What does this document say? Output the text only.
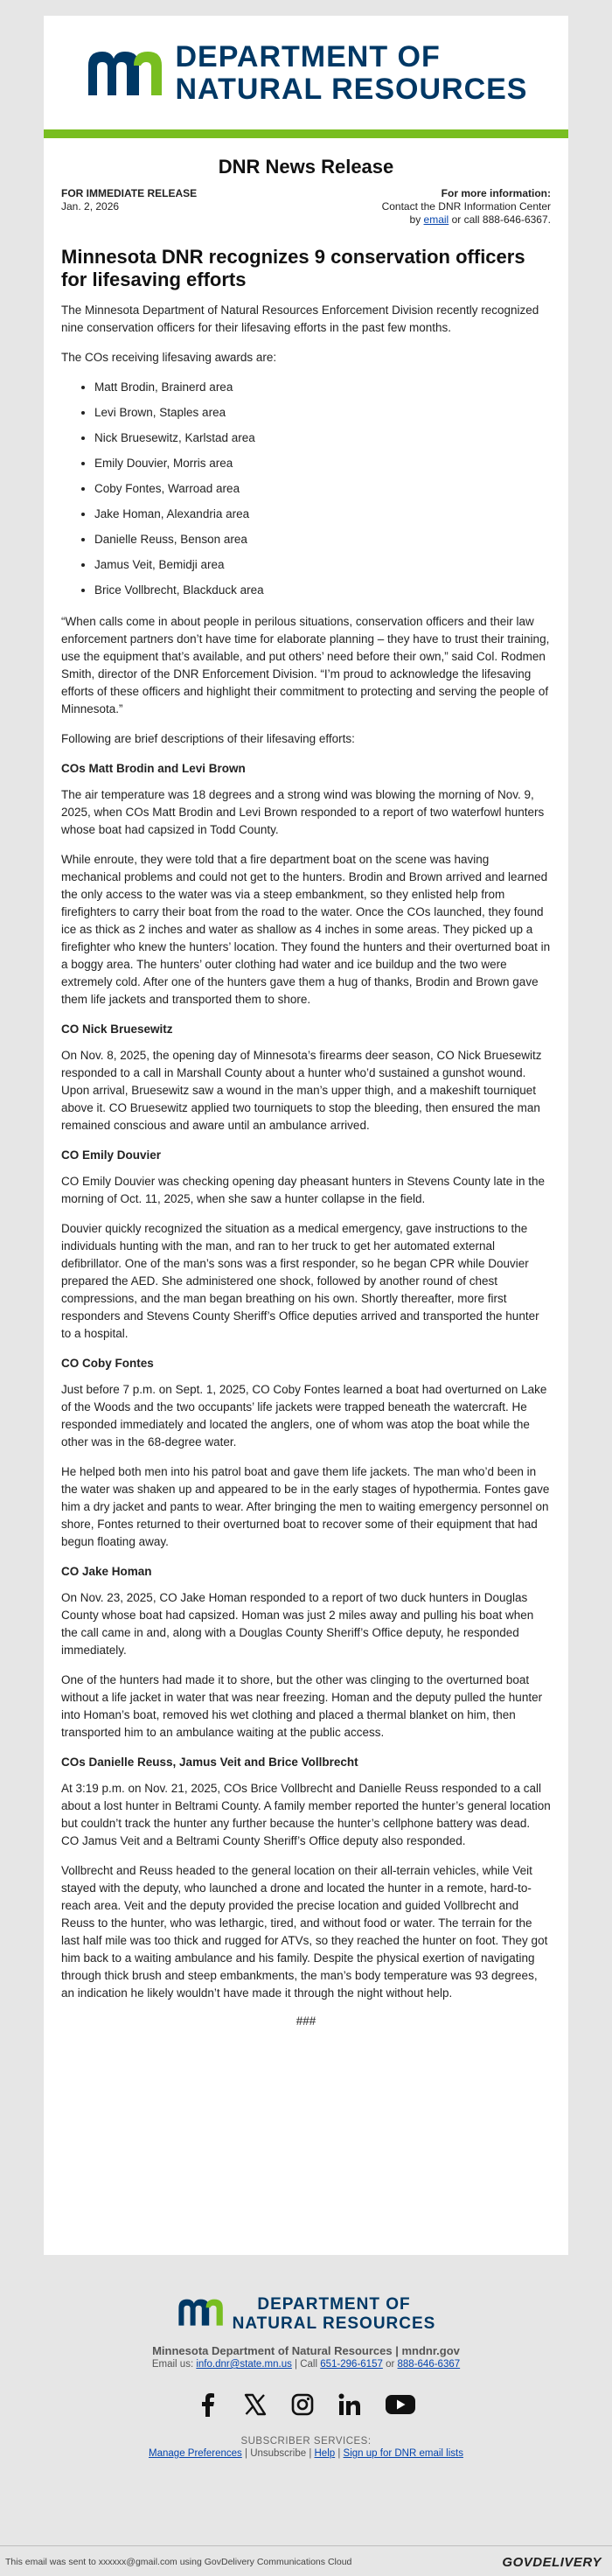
DEPARTMENT OF
NATURAL RESOURCES
DNR News Release
FOR IMMEDIATE RELEASE
Jan. 2, 2026
For more information:
Contact the DNR Information Center
by email or call 888-646-6367.
Minnesota DNR recognizes 9 conservation officers for lifesaving efforts

The Minnesota Department of Natural Resources Enforcement Division recently recognized nine conservation officers for their lifesaving efforts in the past few months.

The COs receiving lifesaving awards are:

• Matt Brodin, Brainerd area
• Levi Brown, Staples area
• Nick Bruesewitz, Karlstad area
• Emily Douvier, Morris area
• Coby Fontes, Warroad area
• Jake Homan, Alexandria area
• Danielle Reuss, Benson area
• Jamus Veit, Bemidji area
• Brice Vollbrecht, Blackduck area

“When calls come in about people in perilous situations, conservation officers and their law enforcement partners don’t have time for elaborate planning – they have to trust their training, use the equipment that’s available, and put others’ need before their own,” said Col. Rodmen Smith, director of the DNR Enforcement Division. “I’m proud to acknowledge the lifesaving efforts of these officers and highlight their commitment to protecting and serving the people of Minnesota.”

Following are brief descriptions of their lifesaving efforts:

COs Matt Brodin and Levi Brown

The air temperature was 18 degrees and a strong wind was blowing the morning of Nov. 9, 2025, when COs Matt Brodin and Levi Brown responded to a report of two waterfowl hunters whose boat had capsized in Todd County.

While enroute, they were told that a fire department boat on the scene was having mechanical problems and could not get to the hunters. Brodin and Brown arrived and learned the only access to the water was via a steep embankment, so they enlisted help from firefighters to carry their boat from the road to the water. Once the COs launched, they found ice as thick as 2 inches and water as shallow as 4 inches in some areas. They picked up a firefighter who knew the hunters’ location. They found the hunters and their overturned boat in a boggy area. The hunters’ outer clothing had water and ice buildup and the two were extremely cold. After one of the hunters gave them a hug of thanks, Brodin and Brown gave them life jackets and transported them to shore.

CO Nick Bruesewitz

On Nov. 8, 2025, the opening day of Minnesota’s firearms deer season, CO Nick Bruesewitz responded to a call in Marshall County about a hunter who’d sustained a gunshot wound. Upon arrival, Bruesewitz saw a wound in the man’s upper thigh, and a makeshift tourniquet above it. CO Bruesewitz applied two tourniquets to stop the bleeding, then ensured the man remained conscious and aware until an ambulance arrived.

CO Emily Douvier

CO Emily Douvier was checking opening day pheasant hunters in Stevens County late in the morning of Oct. 11, 2025, when she saw a hunter collapse in the field.

Douvier quickly recognized the situation as a medical emergency, gave instructions to the individuals hunting with the man, and ran to her truck to get her automated external defibrillator. One of the man’s sons was a first responder, so he began CPR while Douvier prepared the AED. She administered one shock, followed by another round of chest compressions, and the man began breathing on his own. Shortly thereafter, more first responders and Stevens County Sheriff’s Office deputies arrived and transported the hunter to a hospital.

CO Coby Fontes

Just before 7 p.m. on Sept. 1, 2025, CO Coby Fontes learned a boat had overturned on Lake of the Woods and the two occupants’ life jackets were trapped beneath the watercraft. He responded immediately and located the anglers, one of whom was atop the boat while the other was in the 68-degree water.

He helped both men into his patrol boat and gave them life jackets. The man who’d been in the water was shaken up and appeared to be in the early stages of hypothermia. Fontes gave him a dry jacket and pants to wear. After bringing the men to waiting emergency personnel on shore, Fontes returned to their overturned boat to recover some of their equipment that had begun floating away.

CO Jake Homan

On Nov. 23, 2025, CO Jake Homan responded to a report of two duck hunters in Douglas County whose boat had capsized. Homan was just 2 miles away and pulling his boat when the call came in and, along with a Douglas County Sheriff’s Office deputy, he responded immediately.

One of the hunters had made it to shore, but the other was clinging to the overturned boat without a life jacket in water that was near freezing. Homan and the deputy pulled the hunter into Homan’s boat, removed his wet clothing and placed a thermal blanket on him, then transported him to an ambulance waiting at the public access.

COs Danielle Reuss, Jamus Veit and Brice Vollbrecht

At 3:19 p.m. on Nov. 21, 2025, COs Brice Vollbrecht and Danielle Reuss responded to a call about a lost hunter in Beltrami County. A family member reported the hunter’s general location but couldn’t track the hunter any further because the hunter’s cellphone battery was dead. CO Jamus Veit and a Beltrami County Sheriff’s Office deputy also responded.

Vollbrecht and Reuss headed to the general location on their all-terrain vehicles, while Veit stayed with the deputy, who launched a drone and located the hunter in a remote, hard-to-reach area. Veit and the deputy provided the precise location and guided Vollbrecht and Reuss to the hunter, who was lethargic, tired, and without food or water. The terrain for the last half mile was too thick and rugged for ATVs, so they reached the hunter on foot. They got him back to a waiting ambulance and his family. Despite the physical exertion of navigating through thick brush and steep embankments, the man’s body temperature was 93 degrees, an indication he likely wouldn’t have made it through the night without help.

###
DEPARTMENT OF
NATURAL RESOURCES
Minnesota Department of Natural Resources | mndnr.gov
Email us: info.dnr@state.mn.us | Call 651-296-6157 or 888-646-6367
SUBSCRIBER SERVICES:
Manage Preferences | Unsubscribe | Help | Sign up for DNR email lists
This email was sent to xxxxxx@gmail.com using GovDelivery Communications Cloud	GOVDELIVERY
